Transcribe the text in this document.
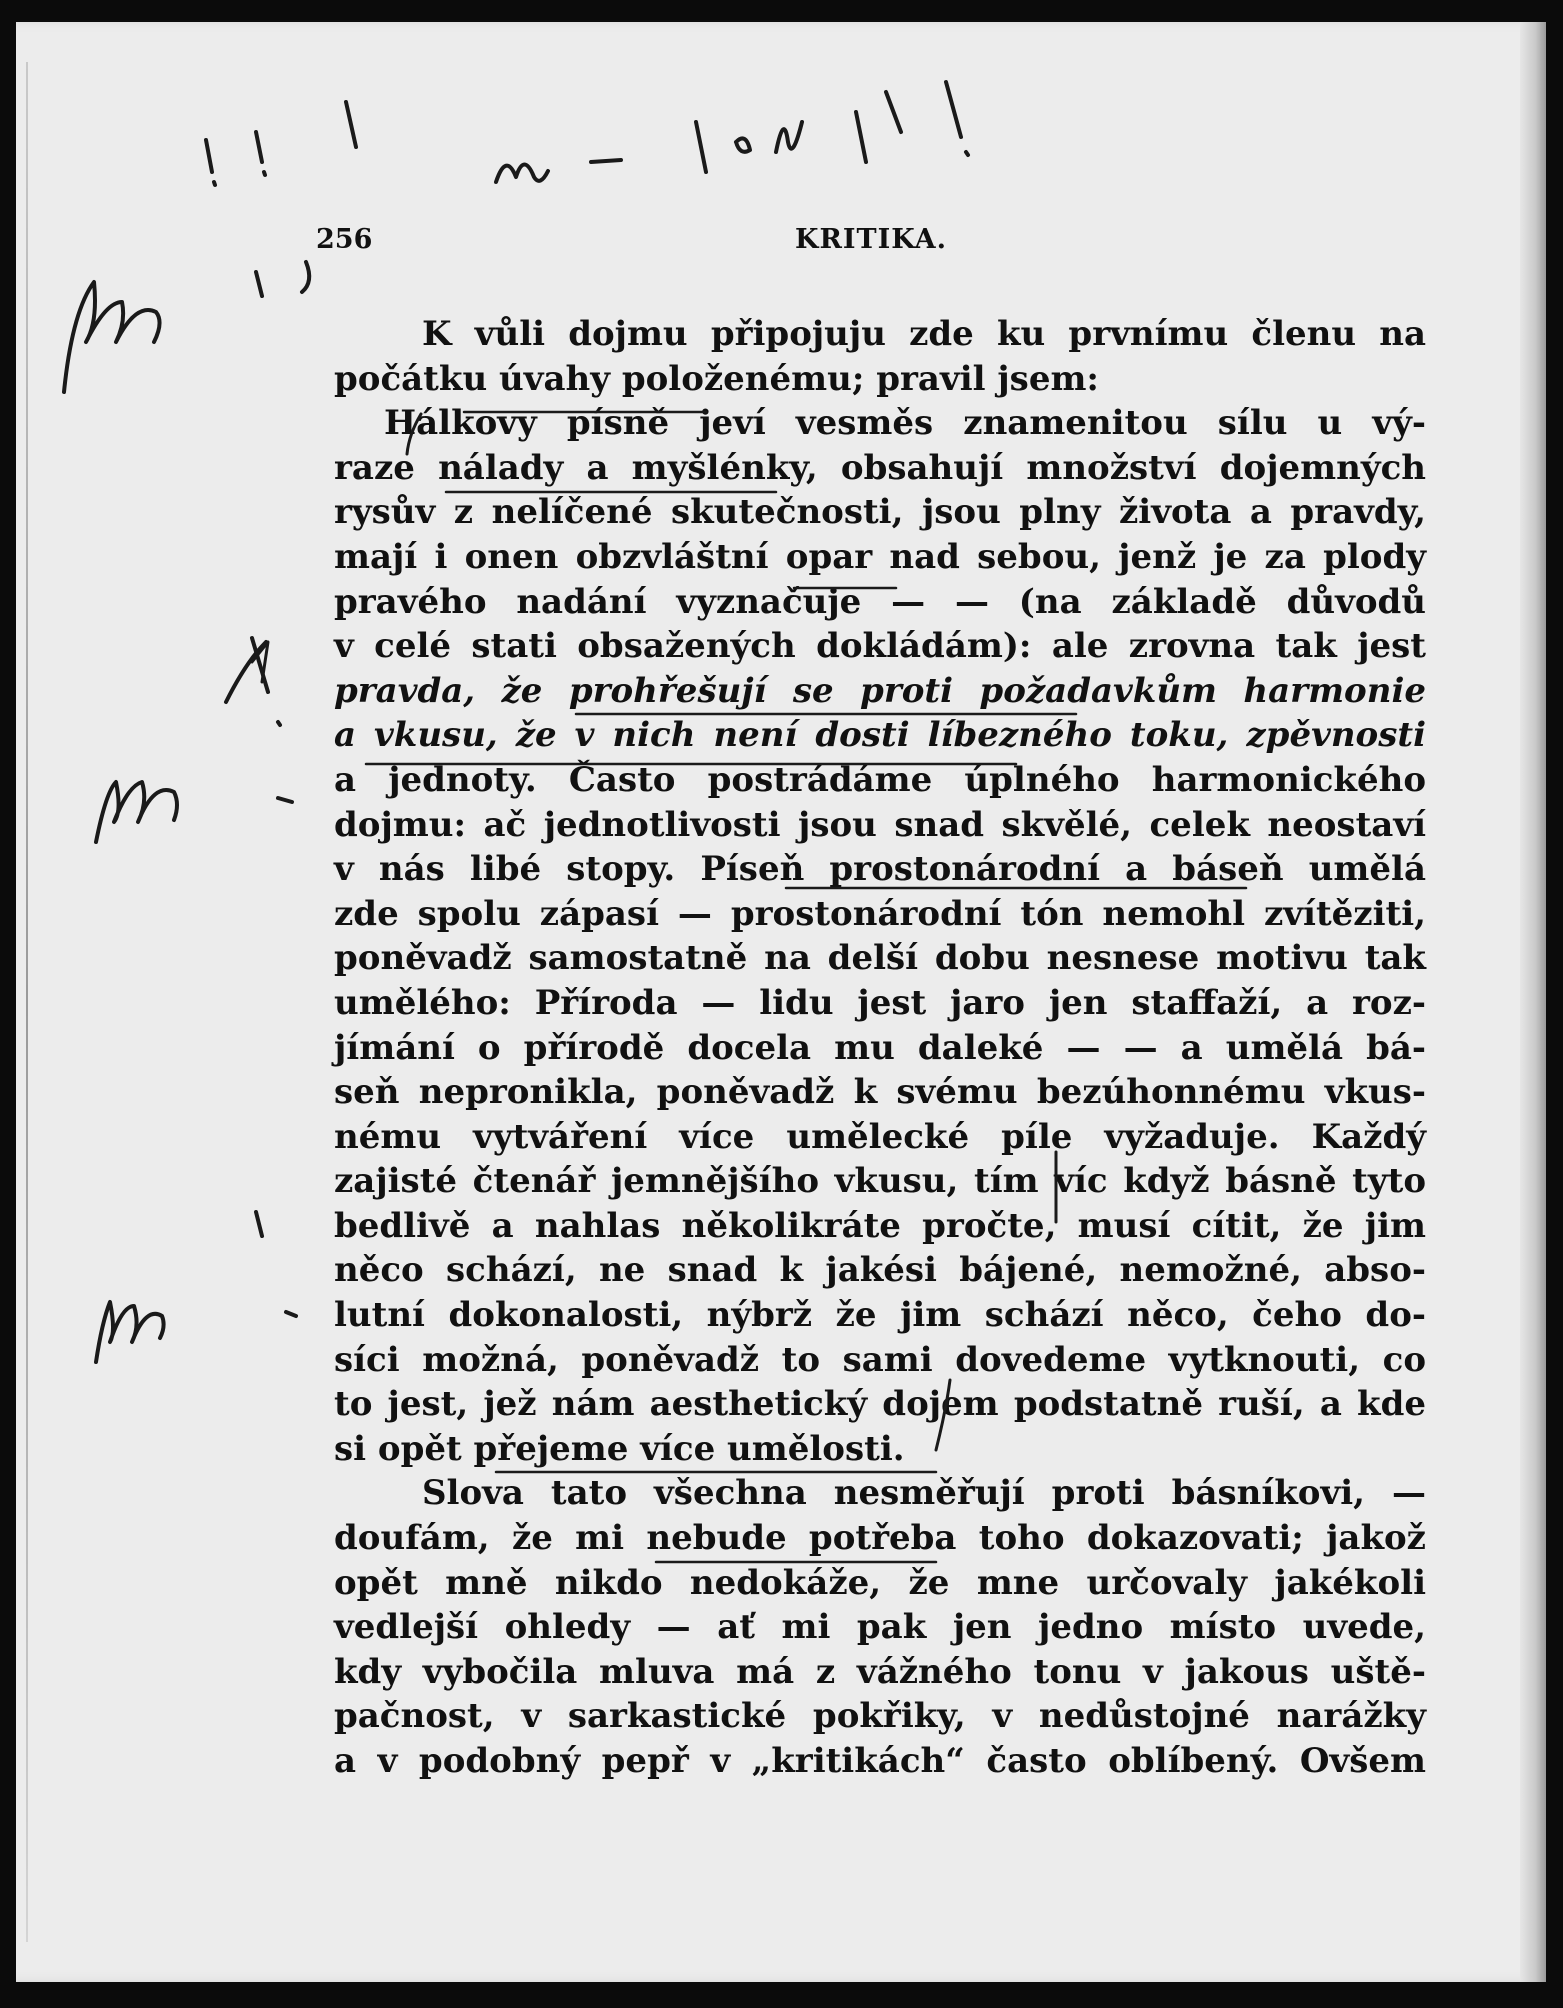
256	KRITIKA.
K vůli dojmu připojuju zde ku prvnímu členu na
počátku úvahy položenému; pravil jsem:
Hálkovy písně jeví vesměs znamenitou sílu u vý-
raze nálady a myšlénky, obsahují množství dojemných
rysův z nelíčené skutečnosti, jsou plny života a pravdy,
mají i onen obzvláštní opar nad sebou, jenž je za plody
pravého nadání vyznačuje — — (na základě důvodů
v celé stati obsažených dokládám): ale zrovna tak jest
pravda, že prohřešují se proti požadavkům harmonie
a vkusu, že v nich není dosti líbezného toku, zpěvnosti
a jednoty. Často postrádáme úplného harmonického
dojmu: ač jednotlivosti jsou snad skvělé, celek neostaví
v nás libé stopy. Píseň prostonárodní a báseň umělá
zde spolu zápasí — prostonárodní tón nemohl zvítěziti,
poněvadž samostatně na delší dobu nesnese motivu tak
umělého: Příroda — lidu jest jaro jen staffaží, a roz-
jímání o přírodě docela mu daleké — — a umělá bá-
seň nepronikla, poněvadž k svému bezúhonnému vkus-
nému vytváření více umělecké píle vyžaduje. Každý
zajisté čtenář jemnějšího vkusu, tím víc když básně tyto
bedlivě a nahlas několikráte pročte, musí cítit, že jim
něco schází, ne snad k jakési bájené, nemožné, abso-
lutní dokonalosti, nýbrž že jim schází něco, čeho do-
síci možná, poněvadž to sami dovedeme vytknouti, co
to jest, jež nám aesthetický dojem podstatně ruší, a kde
si opět přejeme více umělosti.
Slova tato všechna nesměřují proti básníkovi, —
doufám, že mi nebude potřeba toho dokazovati; jakož
opět mně nikdo nedokáže, že mne určovaly jakékoli
vedlejší ohledy — ať mi pak jen jedno místo uvede,
kdy vybočila mluva má z vážného tonu v jakous uště-
pačnost, v sarkastické pokřiky, v nedůstojné narážky
a v podobný pepř v „kritikách“ často oblíbený. Ovšem
